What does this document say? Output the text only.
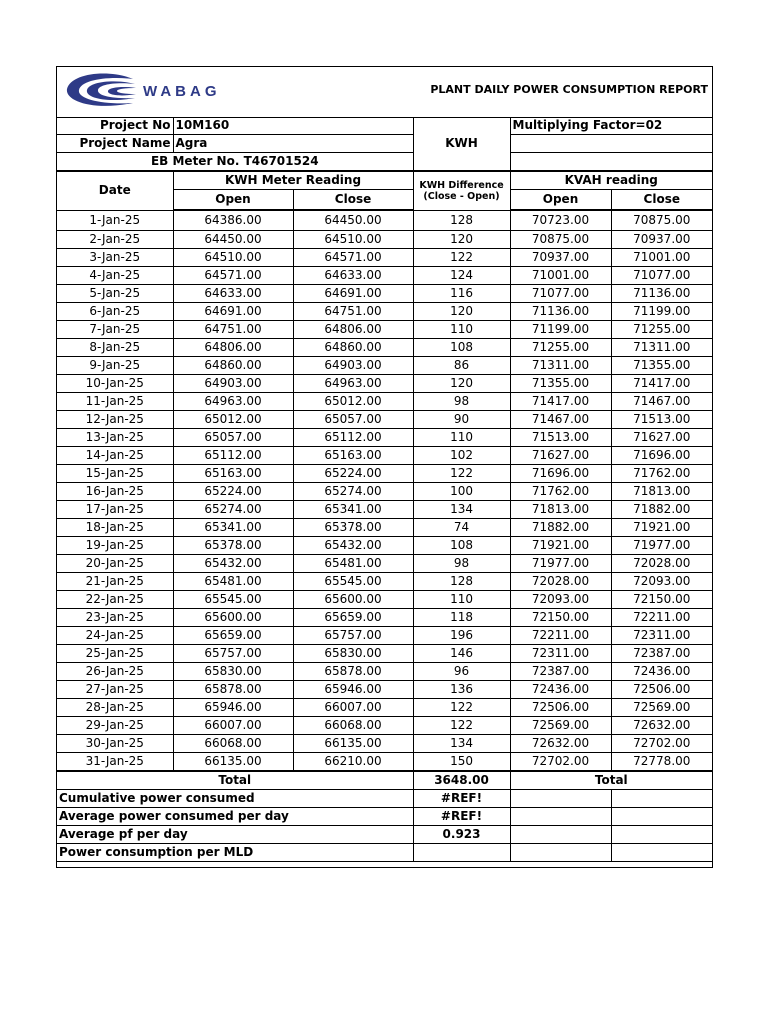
WABAG	PLANT DAILY POWER CONSUMPTION REPORT
Project No	10M160		KWH	Multiplying Factor=02	
Project Name	Agra				
EB Meter No. T46701524					
Date	KWH Meter Reading		KWH Difference (Close - Open)	KVAH reading	
	Open	Close		Open	Close
1-Jan-25	64386.00	64450.00	128	70723.00	70875.00
2-Jan-25	64450.00	64510.00	120	70875.00	70937.00
3-Jan-25	64510.00	64571.00	122	70937.00	71001.00
4-Jan-25	64571.00	64633.00	124	71001.00	71077.00
5-Jan-25	64633.00	64691.00	116	71077.00	71136.00
6-Jan-25	64691.00	64751.00	120	71136.00	71199.00
7-Jan-25	64751.00	64806.00	110	71199.00	71255.00
8-Jan-25	64806.00	64860.00	108	71255.00	71311.00
9-Jan-25	64860.00	64903.00	86	71311.00	71355.00
10-Jan-25	64903.00	64963.00	120	71355.00	71417.00
11-Jan-25	64963.00	65012.00	98	71417.00	71467.00
12-Jan-25	65012.00	65057.00	90	71467.00	71513.00
13-Jan-25	65057.00	65112.00	110	71513.00	71627.00
14-Jan-25	65112.00	65163.00	102	71627.00	71696.00
15-Jan-25	65163.00	65224.00	122	71696.00	71762.00
16-Jan-25	65224.00	65274.00	100	71762.00	71813.00
17-Jan-25	65274.00	65341.00	134	71813.00	71882.00
18-Jan-25	65341.00	65378.00	74	71882.00	71921.00
19-Jan-25	65378.00	65432.00	108	71921.00	71977.00
20-Jan-25	65432.00	65481.00	98	71977.00	72028.00
21-Jan-25	65481.00	65545.00	128	72028.00	72093.00
22-Jan-25	65545.00	65600.00	110	72093.00	72150.00
23-Jan-25	65600.00	65659.00	118	72150.00	72211.00
24-Jan-25	65659.00	65757.00	196	72211.00	72311.00
25-Jan-25	65757.00	65830.00	146	72311.00	72387.00
26-Jan-25	65830.00	65878.00	96	72387.00	72436.00
27-Jan-25	65878.00	65946.00	136	72436.00	72506.00
28-Jan-25	65946.00	66007.00	122	72506.00	72569.00
29-Jan-25	66007.00	66068.00	122	72569.00	72632.00
30-Jan-25	66068.00	66135.00	134	72632.00	72702.00
31-Jan-25	66135.00	66210.00	150	72702.00	72778.00
Total			3648.00	Total	
Cumulative power consumed			#REF!		
Average power consumed per day			#REF!		
Average pf per day			0.923		
Power consumption per MLD					
